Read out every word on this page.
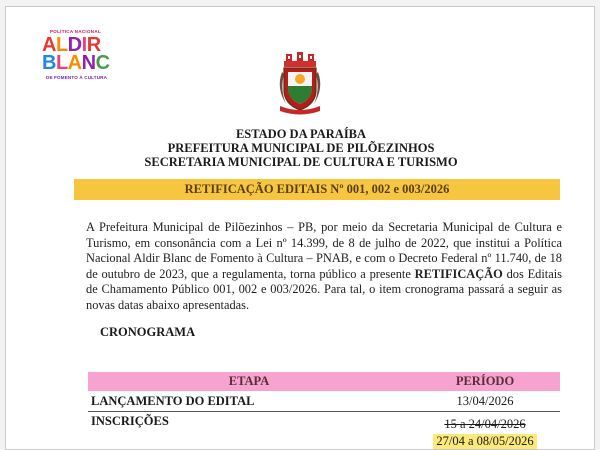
POLÍTICA NACIONAL
ALDIR
BLANC
DE FOMENTO À CULTURA
ESTADO DA PARAÍBA
PREFEITURA MUNICIPAL DE PILÕEZINHOS
SECRETARIA MUNICIPAL DE CULTURA E TURISMO
RETIFICAÇÃO EDITAIS Nº 001, 002 e 003/2026
A Prefeitura Municipal de Pilõezinhos – PB, por meio da Secretaria Municipal de Cultura e Turismo, em consonância com a Lei nº 14.399, de 8 de julho de 2022, que institui a Política Nacional Aldir Blanc de Fomento à Cultura – PNAB, e com o Decreto Federal nº 11.740, de 18 de outubro de 2023, que a regulamenta, torna público a presente RETIFICAÇÃO dos Editais de Chamamento Público 001, 002 e 003/2026. Para tal, o item cronograma passará a seguir as novas datas abaixo apresentadas.
CRONOGRAMA
ETAPA	PERÍODO
LANÇAMENTO DO EDITAL	13/04/2026
INSCRIÇÕES	15 a 24/04/2026
27/04 a 08/05/2026
